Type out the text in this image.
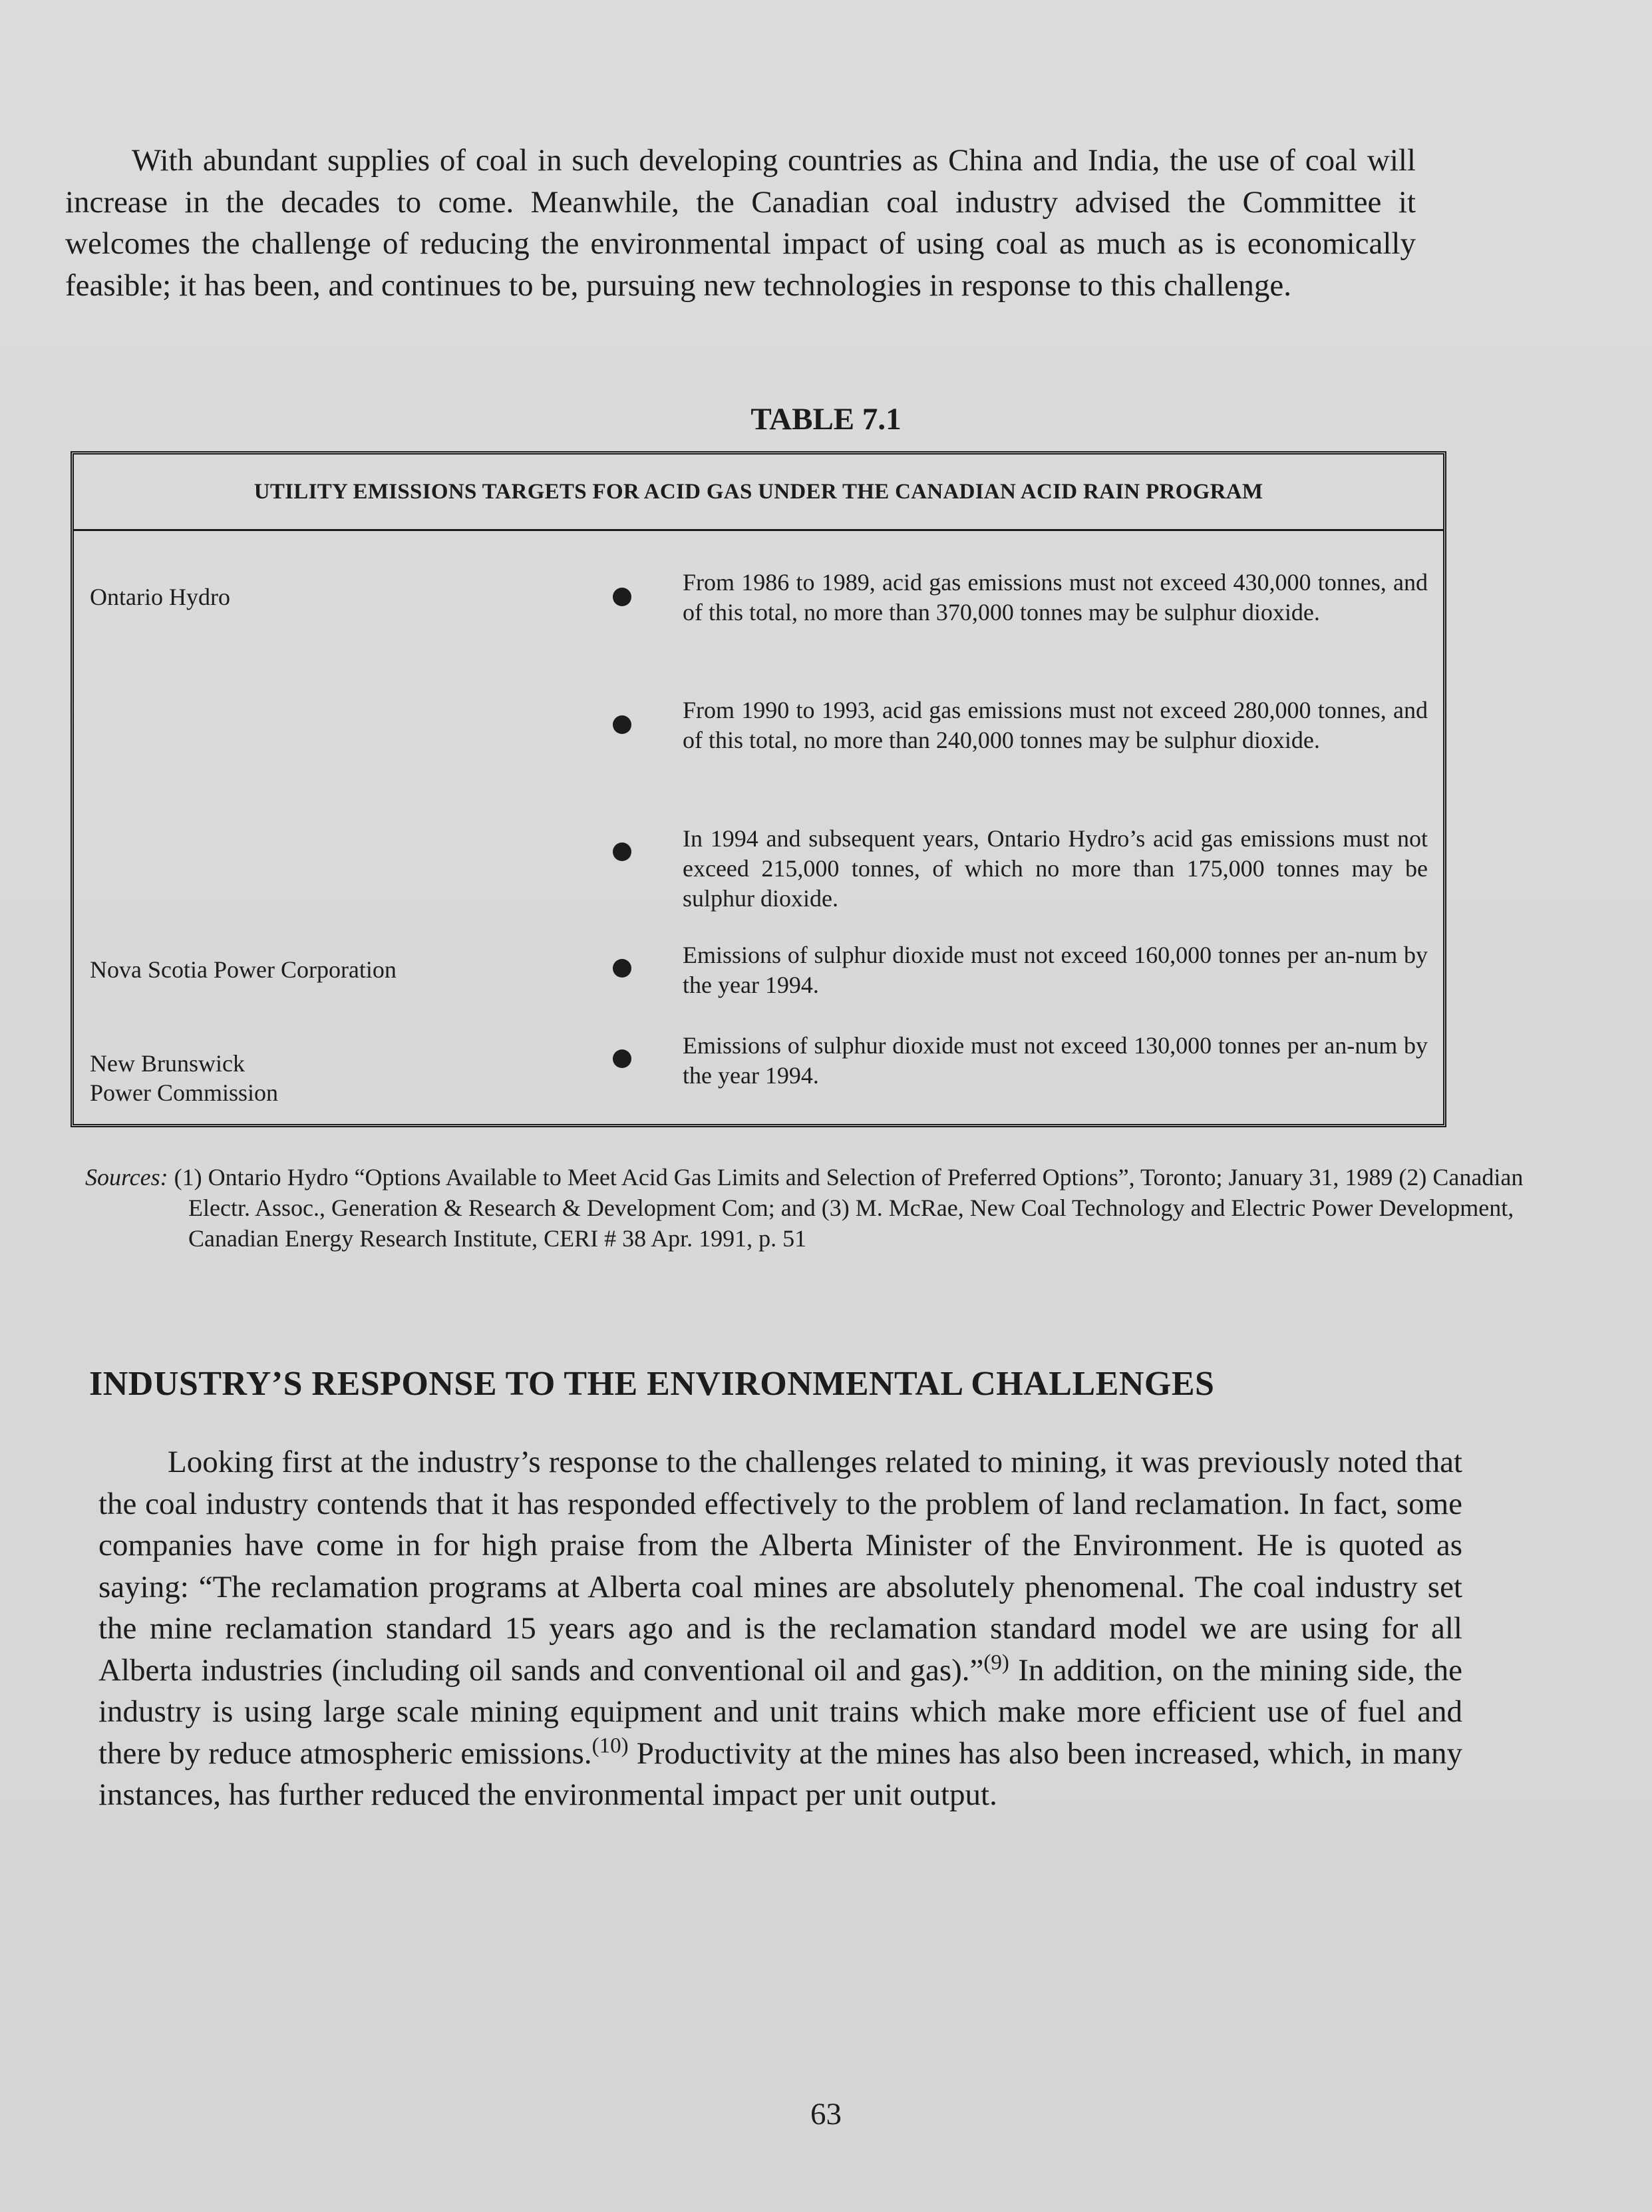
With abundant supplies of coal in such developing countries as China and India, the use of coal will increase in the decades to come. Meanwhile, the Canadian coal industry advised the Committee it welcomes the challenge of reducing the environmental impact of using coal as much as is economically feasible; it has been, and continues to be, pursuing new technologies in response to this challenge.

TABLE 7.1

UTILITY EMISSIONS TARGETS FOR ACID GAS UNDER THE CANADIAN ACID RAIN PROGRAM
Ontario Hydro
Nova Scotia Power Corporation
New Brunswick
Power Commission

From 1986 to 1989, acid gas emissions must not exceed 430,000 tonnes, and of this total, no more than 370,000 tonnes may be sulphur dioxide.

From 1990 to 1993, acid gas emissions must not exceed 280,000 tonnes, and of this total, no more than 240,000 tonnes may be sulphur dioxide.

In 1994 and subsequent years, Ontario Hydro’s acid gas emissions must not exceed 215,000 tonnes, of which no more than 175,000 tonnes may be sulphur dioxide.

Emissions of sulphur dioxide must not exceed 160,000 tonnes per an-num by the year 1994.

Emissions of sulphur dioxide must not exceed 130,000 tonnes per an-num by the year 1994.

Sources: (1) Ontario Hydro “Options Available to Meet Acid Gas Limits and Selection of Preferred Options”, Toronto; January 31, 1989 (2) Canadian Electr. Assoc., Generation & Research & Development Com; and (3) M. McRae, New Coal Technology and Electric Power Development, Canadian Energy Research Institute, CERI # 38 Apr. 1991, p. 51

INDUSTRY’S RESPONSE TO THE ENVIRONMENTAL CHALLENGES

Looking first at the industry’s response to the challenges related to mining, it was previously noted that the coal industry contends that it has responded effectively to the problem of land reclamation. In fact, some companies have come in for high praise from the Alberta Minister of the Environment. He is quoted as saying: “The reclamation programs at Alberta coal mines are absolutely phenomenal. The coal industry set the mine reclamation standard 15 years ago and is the reclamation standard model we are using for all Alberta industries (including oil sands and conventional oil and gas).”$^{(9)}$ In addition, on the mining side, the industry is using large scale mining equipment and unit trains which make more efficient use of fuel and there by reduce atmospheric emissions.$^{(10)}$ Productivity at the mines has also been increased, which, in many instances, has further reduced the environmental impact per unit output.

63
